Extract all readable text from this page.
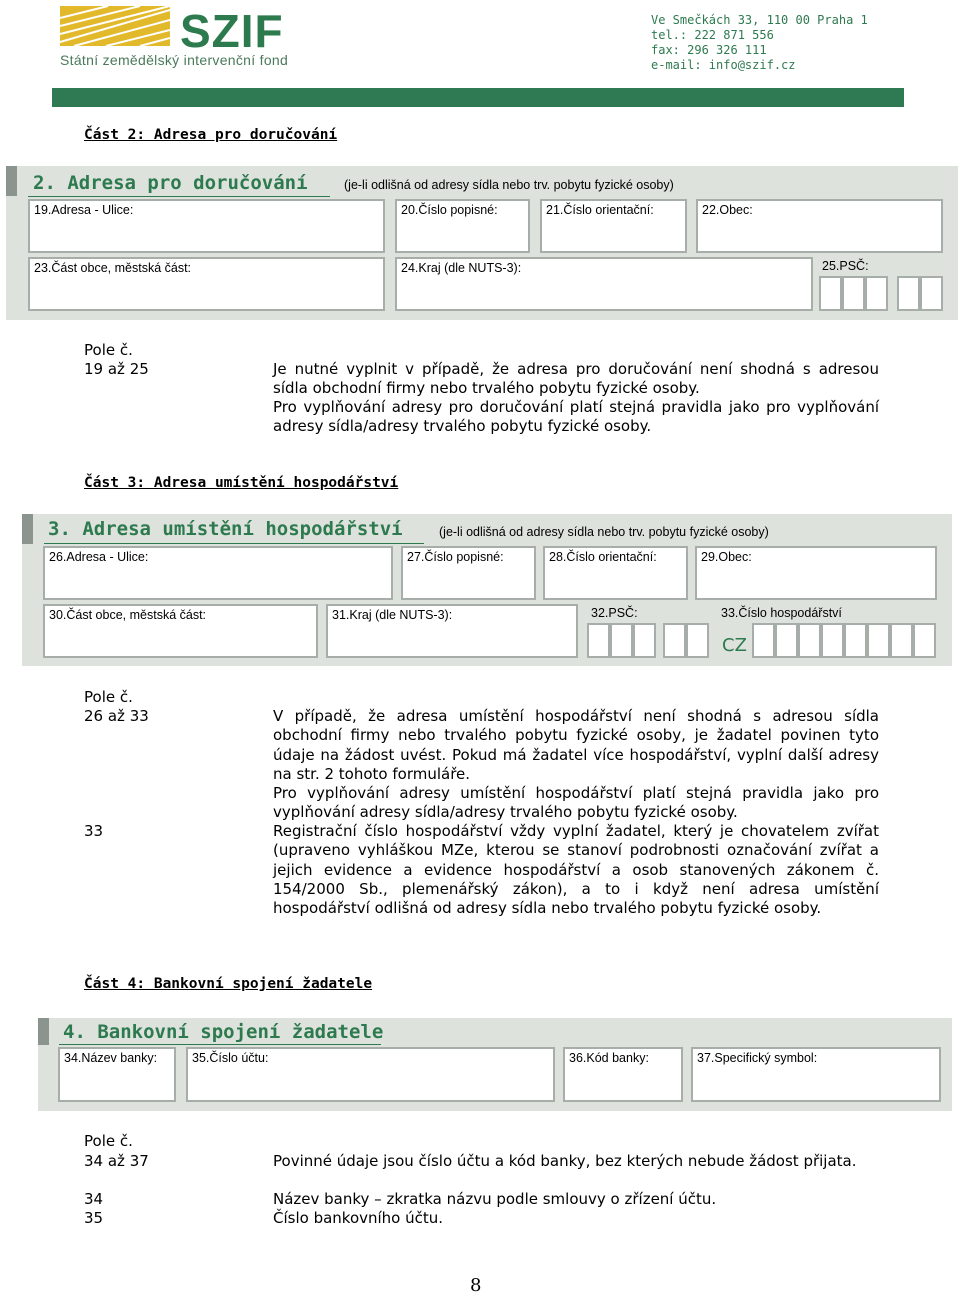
SZIF
Státní zemědělský intervenční fond
Ve Smečkách 33, 110 00 Praha 1
tel.: 222 871 556
fax: 296 326 111
e-mail: info@szif.cz
Část 2: Adresa pro doručování
2. Adresa pro doručování	(je-li odlišná od adresy sídla nebo trv. pobytu fyzické osoby)
19.Adresa - Ulice:	20.Číslo popisné:	21.Číslo orientační:	22.Obec:
23.Část obce, městská část:	24.Kraj (dle NUTS-3):	25.PSČ:
Pole č.
19 až 25	Je nutné vyplnit v případě, že adresa pro doručování není shodná s adresou sídla obchodní firmy nebo trvalého pobytu fyzické osoby.
Pro vyplňování adresy pro doručování platí stejná pravidla jako pro vyplňování adresy sídla/adresy trvalého pobytu fyzické osoby.
Část 3: Adresa umístění hospodářství
3. Adresa umístění hospodářství	(je-li odlišná od adresy sídla nebo trv. pobytu fyzické osoby)
26.Adresa - Ulice:	27.Číslo popisné:	28.Číslo orientační:	29.Obec:
30.Část obce, městská část:	31.Kraj (dle NUTS-3):	32.PSČ:	33.Číslo hospodářství
CZ
Pole č.
26 až 33	V případě, že adresa umístění hospodářství není shodná s adresou sídla obchodní firmy nebo trvalého pobytu fyzické osoby, je žadatel povinen tyto údaje na žádost uvést. Pokud má žadatel více hospodářství, vyplní další adresy na str. 2 tohoto formuláře.
Pro vyplňování adresy umístění hospodářství platí stejná pravidla jako pro vyplňování adresy sídla/adresy trvalého pobytu fyzické osoby.
33	Registrační číslo hospodářství vždy vyplní žadatel, který je chovatelem zvířat (upraveno vyhláškou MZe, kterou se stanoví podrobnosti označování zvířat a jejich evidence a evidence hospodářství a osob stanovených zákonem č. 154/2000 Sb., plemenářský zákon), a to i když není adresa umístění hospodářství odlišná od adresy sídla nebo trvalého pobytu fyzické osoby.
Část 4: Bankovní spojení žadatele
4. Bankovní spojení žadatele
34.Název banky:	35.Číslo účtu:	36.Kód banky:	37.Specifický symbol:
Pole č.
34 až 37	Povinné údaje jsou číslo účtu a kód banky, bez kterých nebude žádost přijata.
34	Název banky – zkratka názvu podle smlouvy o zřízení účtu.
35	Číslo bankovního účtu.
8
